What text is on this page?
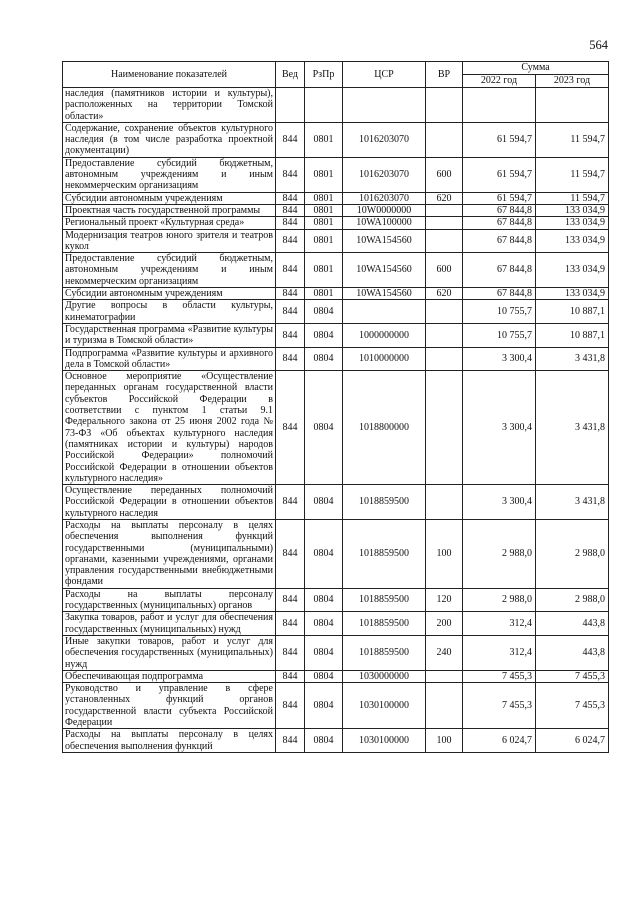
564
Наименование показателей	Вед	РзПр	ЦСР	ВР	Сумма	
					2022 год	2023 год
наследия (памятников истории и культуры), расположенных на территории Томской области»						
Содержание, сохранение объектов культурного наследия (в том числе разработка проектной документации)	844	0801	1016203070		61 594,7	11 594,7
Предоставление субсидий бюджетным, автономным учреждениям и иным некоммерческим организациям	844	0801	1016203070	600	61 594,7	11 594,7
Субсидии автономным учреждениям	844	0801	1016203070	620	61 594,7	11 594,7
Проектная часть государственной программы	844	0801	10W0000000		67 844,8	133 034,9
Региональный проект «Культурная среда»	844	0801	10WA100000		67 844,8	133 034,9
Модернизация театров юного зрителя и театров кукол	844	0801	10WA154560		67 844,8	133 034,9
Предоставление субсидий бюджетным, автономным учреждениям и иным некоммерческим организациям	844	0801	10WA154560	600	67 844,8	133 034,9
Субсидии автономным учреждениям	844	0801	10WA154560	620	67 844,8	133 034,9
Другие вопросы в области культуры, кинематографии	844	0804			10 755,7	10 887,1
Государственная программа «Развитие культуры и туризма в Томской области»	844	0804	1000000000		10 755,7	10 887,1
Подпрограмма «Развитие культуры и архивного дела в Томской области»	844	0804	1010000000		3 300,4	3 431,8
Основное мероприятие «Осуществление переданных органам государственной власти субъектов Российской Федерации в соответствии с пунктом 1 статьи 9.1 Федерального закона от 25 июня 2002 года № 73-ФЗ «Об объектах культурного наследия (памятниках истории и культуры) народов Российской Федерации» полномочий Российской Федерации в отношении объектов культурного наследия»	844	0804	1018800000		3 300,4	3 431,8
Осуществление переданных полномочий Российской Федерации в отношении объектов культурного наследия	844	0804	1018859500		3 300,4	3 431,8
Расходы на выплаты персоналу в целях обеспечения выполнения функций государственными (муниципальными) органами, казенными учреждениями, органами управления государственными внебюджетными фондами	844	0804	1018859500	100	2 988,0	2 988,0
Расходы на выплаты персоналу государственных (муниципальных) органов	844	0804	1018859500	120	2 988,0	2 988,0
Закупка товаров, работ и услуг для обеспечения государственных (муниципальных) нужд	844	0804	1018859500	200	312,4	443,8
Иные закупки товаров, работ и услуг для обеспечения государственных (муниципальных) нужд	844	0804	1018859500	240	312,4	443,8
Обеспечивающая подпрограмма	844	0804	1030000000		7 455,3	7 455,3
Руководство и управление в сфере установленных функций органов государственной власти субъекта Российской Федерации	844	0804	1030100000		7 455,3	7 455,3
Расходы на выплаты персоналу в целях обеспечения выполнения функций	844	0804	1030100000	100	6 024,7	6 024,7
